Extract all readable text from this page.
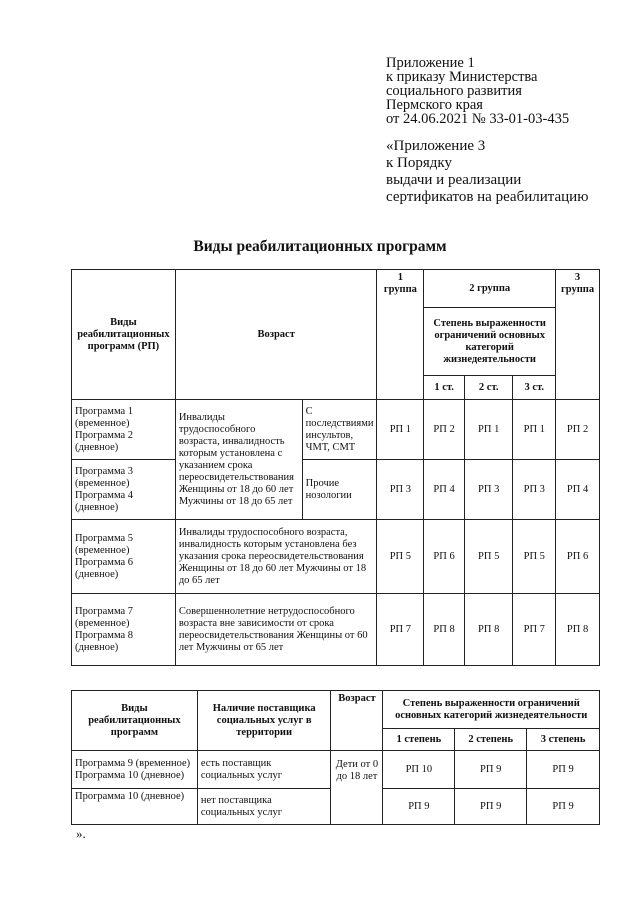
Приложение 1
к приказу Министерства
социального развития
Пермского края
от 24.06.2021 № 33-01-03-435
«Приложение 3
к Порядку
выдачи и реализации
сертификатов на реабилитацию
Виды реабилитационных программ
Виды реабилитационных программ (РП)	Возраст		1 группа	2 группа			3 группа
				Степень выраженности ограничений основных категорий жизнедеятельности			
				1 ст.	2 ст.	3 ст.	
Программа 1 (временное) Программа 2 (дневное)	Инвалиды трудоспособного возраста, инвалидность которым установлена с указанием срока переосвидетельствования Женщины от 18 до 60 лет Мужчины от 18 до 65 лет	С последствиями инсультов, ЧМТ, СМТ	РП 1	РП 2	РП 1	РП 1	РП 2
Программа 3 (временное) Программа 4 (дневное)		Прочие нозологии	РП 3	РП 4	РП 3	РП 3	РП 4
Программа 5 (временное) Программа 6 (дневное)	Инвалиды трудоспособного возраста, инвалидность которым установлена без указания срока переосвидетельствования Женщины от 18 до 60 лет Мужчины от 18 до 65 лет		РП 5	РП 6	РП 5	РП 5	РП 6
Программа 7 (временное) Программа 8 (дневное)	Совершеннолетние нетрудоспособного возраста вне зависимости от срока переосвидетельствования Женщины от 60 лет Мужчины от 65 лет		РП 7	РП 8	РП 8	РП 7	РП 8
Виды реабилитационных программ	Наличие поставщика социальных услуг в территории	Возраст	Степень выраженности ограничений основных категорий жизнедеятельности		
			1 степень	2 степень	3 степень
Программа 9 (временное) Программа 10 (дневное)	есть поставщик социальных услуг	Дети от 0 до 18 лет	РП 10	РП 9	РП 9
Программа 10 (дневное)	нет поставщика социальных услуг		РП 9	РП 9	РП 9
».
